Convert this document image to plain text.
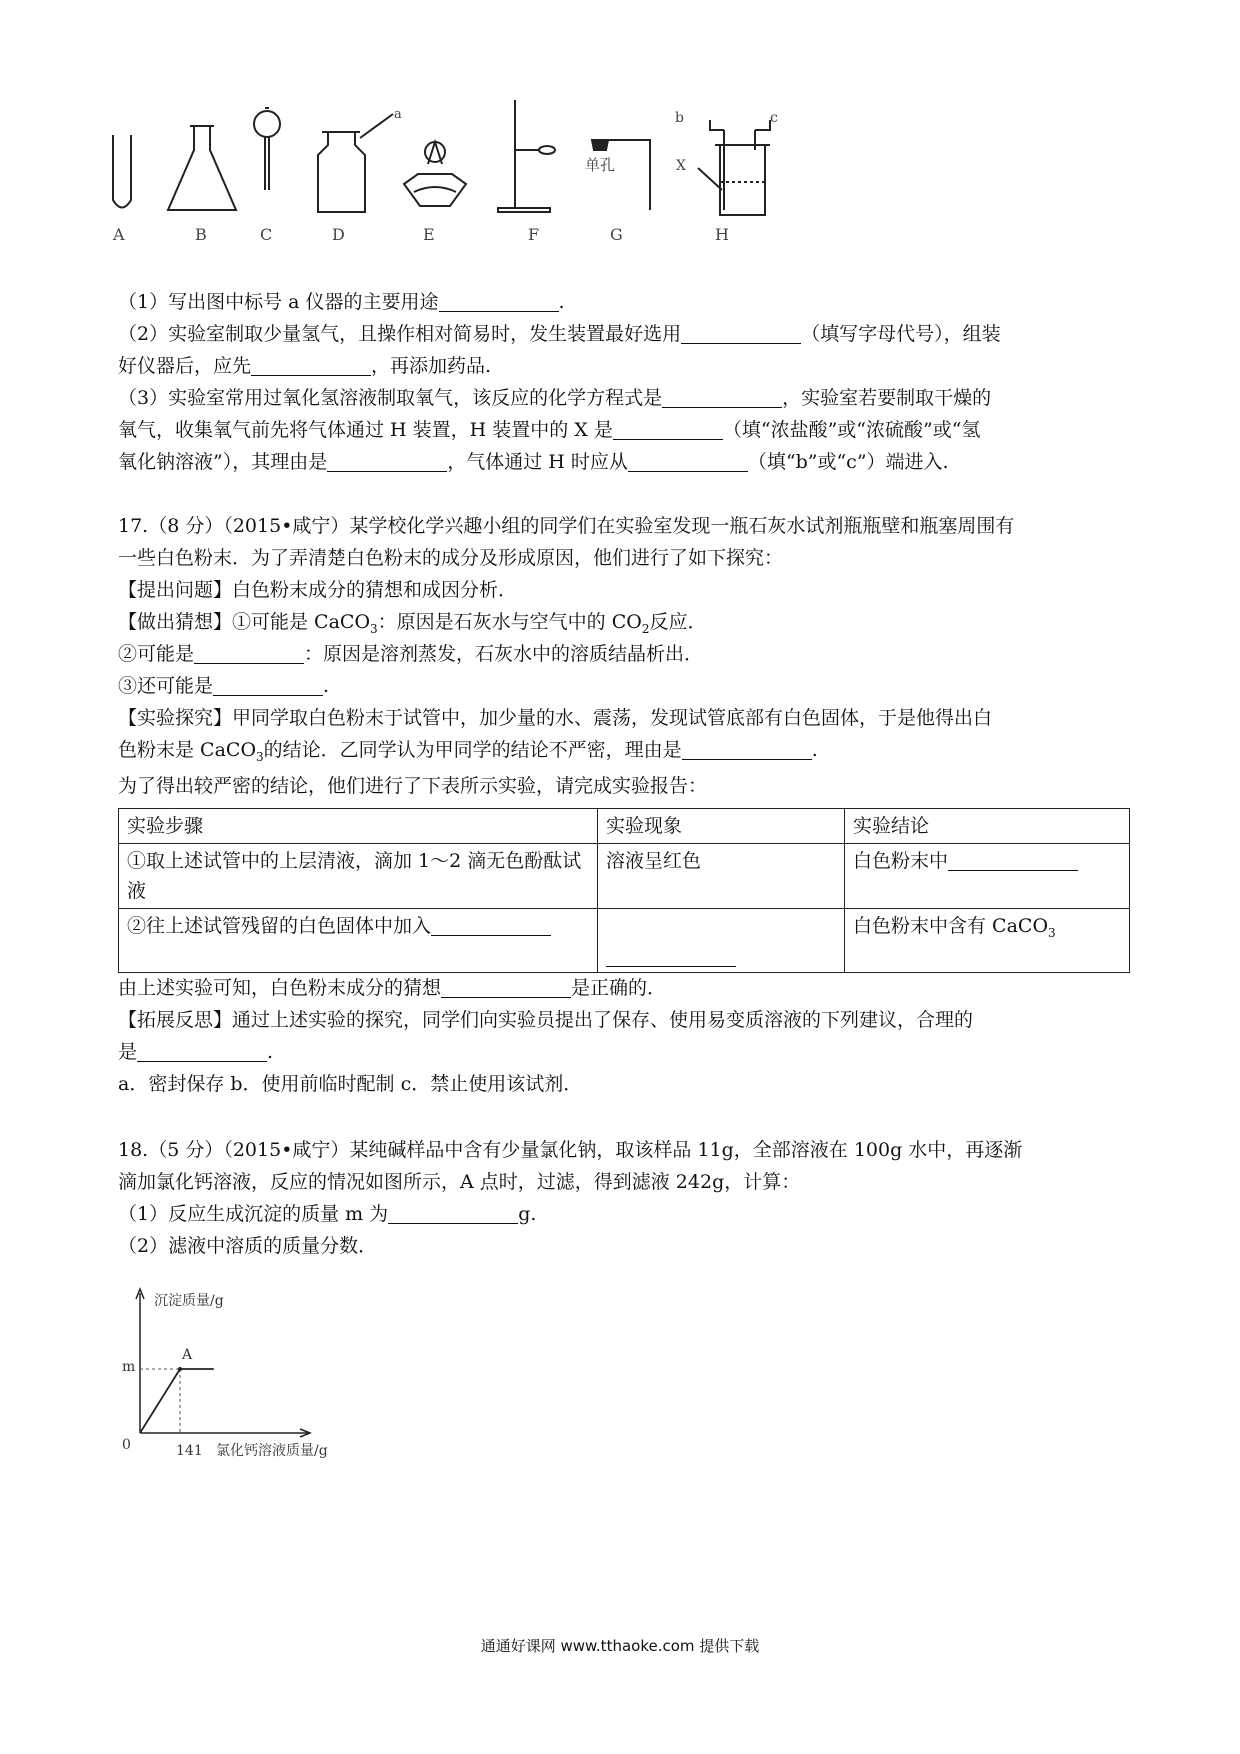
A	B	C	D	E	F	G	H
a	b	c
X
单孔
（1）写出图中标号 a 仪器的主要用途	.
（2）实验室制取少量氢气，且操作相对简易时，发生装置最好选用	（填写字母代号），组装
好仪器后，应先	，再添加药品.
（3）实验室常用过氧化氢溶液制取氧气，该反应的化学方程式是	，实验室若要制取干燥的
氧气，收集氧气前先将气体通过 H 装置，H 装置中的 X 是	（填“浓盐酸”或“浓硫酸”或“氢
氧化钠溶液”），其理由是	，气体通过 H 时应从	（填“b”或“c”）端进入.
17.（8 分）（2015•咸宁）某学校化学兴趣小组的同学们在实验室发现一瓶石灰水试剂瓶瓶壁和瓶塞周围有
一些白色粉末．为了弄清楚白色粉末的成分及形成原因，他们进行了如下探究：
【提出问题】白色粉末成分的猜想和成因分析．
【做出猜想】①可能是 CaCO$_3$：原因是石灰水与空气中的 $CO_2$反应．
②可能是	：原因是溶剂蒸发，石灰水中的溶质结晶析出．
③还可能是	.
【实验探究】甲同学取白色粉末于试管中，加少量的水、震荡，发现试管底部有白色固体，于是他得出白
色粉末是 CaCO$_3$的结论．乙同学认为甲同学的结论不严密，理由是	.
为了得出较严密的结论，他们进行了下表所示实验，请完成实验报告：
实验步骤	实验现象	实验结论
①取上述试管中的上层清液，滴加 1～2 滴无色酚酞试液	溶液呈红色	白色粉末中
②往上述试管残留的白色固体中加入		白色粉末中含有 CaCO$_3$
由上述实验可知，白色粉末成分的猜想	是正确的．
【拓展反思】通过上述实验的探究，同学们向实验员提出了保存、使用易变质溶液的下列建议，合理的
是	.
a．密封保存 b．使用前临时配制 c．禁止使用该试剂．
18.（5 分）（2015•咸宁）某纯碱样品中含有少量氯化钠，取该样品 11g，全部溶液在 100g 水中，再逐渐
滴加氯化钙溶液，反应的情况如图所示，A 点时，过滤，得到滤液 242g，计算：
（1）反应生成沉淀的质量 m 为	g.
（2）滤液中溶质的质量分数．
沉淀质量/g
0
m
141
A
氯化钙溶液质量/g
通通好课网 www.tthaoke.com 提供下载
